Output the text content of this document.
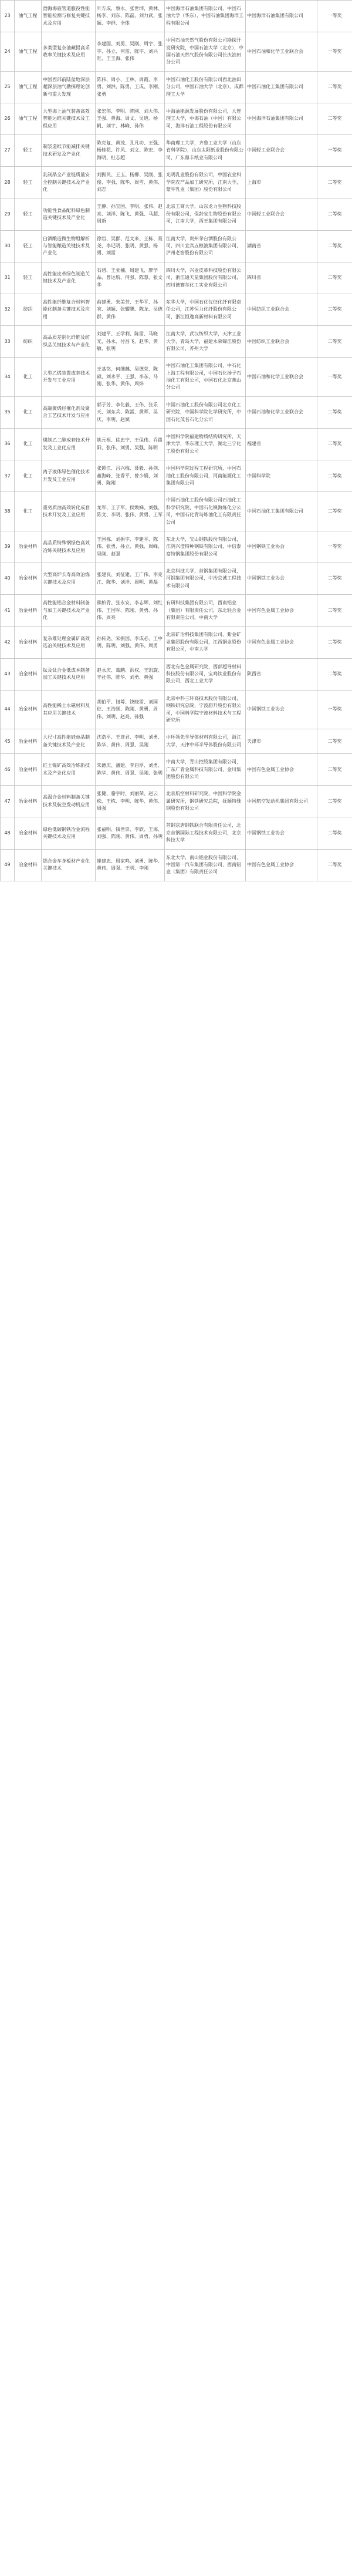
23	油气工程	渤海海底管道服役性能智能检测与修复关键技术及应用	叶万成，蔡永、张世坤，黄林、杨李、刘东、陈磊、刘力武、张颖、李群、全体	中国海洋石油集团有限公司，中国石油大学（华东），中国石油集团海洋工程有限公司	中国海洋石油集团有限公司	一等奖
24	油气工程	多类型复杂油藏提高采收率关键技术及应用	李建国、刘勇、吴刚、周宇、张宇、孙立、何雷、陈宇、刘兴旺、王玉海、张伟	中国石油天然气股份有限公司勘探开发研究院，中国石油大学（北京），中国石油天然气股份有限公司长庆油田分公司	中国石油和化学工业联合会	一等奖
25	油气工程	中国西部前陆盆地深层超深层油气勘探理论创新与重大发现	陈伟、周小、王林、周霞、李勇、刘洪、陈勇、王成、李刚、张勇	中国石油化工股份有限公司西北油田分公司，中国石油大学（北京），成都理工大学	中国石油化工集团有限公司	二等奖
26	油气工程	大型海上油气装备高效智能运维关键技术及工程应用	张宏伟、李明、陈刚、刘大伟、王强、黄海、周文、吴迪、杨帆、刘宇、林峰、孙伟	中海油能源发展股份有限公司，大连理工大学，中海石油（中国）有限公司，海洋石油工程股份有限公司	中国海洋石油集团有限公司	二等奖
27	轻工	制浆造纸节能减排关键技术研发及产业化	陈克复、黄茂、孔凡功、王强、杨桂花、许风、刘文、陈宏、李海明、杜志超	华南理工大学，齐鲁工业大学（山东省科学院），山东太阳纸业股份有限公司，广东鼎丰纸业有限公司	中国轻工业联合会	一等奖
28	轻工	乳制品全产业链质量安全控制关键技术及产业化	刘振民、王玉、杨柳、吴刚、张俊、李强、陈华、周雪、黄伟、刘志	光明乳业股份有限公司，中国农业科学院农产品加工研究所，江南大学，蒙牛乳业（集团）股份有限公司	上海市	二等奖
29	轻工	功能性食品配料绿色制造关键技术及产业化	王静、孙宝国、李明、张伟、赵亮、刘洋、陈飞、黄强、马超、周新	北京工商大学，山东龙力生物科技股份有限公司，保龄宝生物股份有限公司，江南大学，西王集团有限公司	中国轻工业联合会	二等奖
30	轻工	白酒酿造微生物组解析与智能酿造关键技术及产业化	徐岩、吴群、范文来、王栋、聂尧、李记明、张明、黄强、杨勇、刘雷	江南大学，贵州茅台酒股份有限公司，四川宜宾五粮液集团有限公司，泸州老窖股份有限公司	湖南省	二等奖
31	轻工	高性能皮革绿色制造关键技术及产业化	石碧、王亚楠、周建飞、廖学品、曾运航、何强、陈慧、张文华	四川大学，兴业皮革科技股份有限公司，浙江通天星集团股份有限公司，四川德赛尔化工实业有限公司	四川省	二等奖
32	纺织	高性能纤维复合材料智能化制备关键技术及应用	俞建勇、朱美芳、王华平、孙宾、刘颖、张耀鹏、陈龙、吴德群、黄伟	东华大学，中国石化仪征化纤有限责任公司，江苏恒力化纤股份有限公司，浙江恒逸高新材料有限公司	中国纺织工业联合会	二等奖
33	纺织	高品质差别化纤维及纺织品关键技术与产业化	刘建平、王学利、陈雷、马晓光、孙永、付昌飞、赵华、黄敏、张明	江南大学，武汉纺织大学，天津工业大学，青岛大学，福建永荣锦江股份有限公司，苏州大学	中国纺织工业联合会	二等奖
34	化工	大型乙烯装置成套技术开发与工业应用	王基铭、何细藕、吴德荣、陈硕、刘永平、王强、李东、马刚、张华、黄伟、周炜	中国石油化工集团有限公司，中石化上海工程有限公司，中国石化扬子石油化工有限公司，中国石化北京燕山分公司	中国石油和化学工业联合会	一等奖
35	化工	高端聚烯烃催化剂及聚合工艺技术开发与应用	郭子芳、李化毅、王伟、张乐天、刘东兵、陈雷、黄晖、吴庆、李明、赵斌	中国石油化工股份有限公司北京化工研究院，中国科学院化学研究所，中国石化茂名石化分公司	中国石油和化学工业联合会	二等奖
36	化工	煤制乙二醇成套技术开发及工业化应用	姚元根、徐忠宁、王保伟、乔路阳、张伟、刘勇、吴强、陈明	中国科学院福建物质结构研究所，天津大学，华东理工大学，湖北三宁化工股份有限公司	福建省	二等奖
37	化工	离子液体绿色催化技术开发及工业应用	张锁江、吕兴梅、聂毅、孙剑、董海峰、张香平、曾少娟、刘勇、陈刚	中国科学院过程工程研究所，中国石油化工股份有限公司，河南能源化工集团有限公司	中国科学院	二等奖
38	化工	重劣质油高效转化成套技术开发及工业应用	龙军、王子军、侯焕娣、刘强、陈文、李明、张伟、黄勇、王军	中国石油化工股份有限公司石油化工科学研究院，中国石化镇海炼化分公司，中国石化青岛炼油化工有限责任公司	中国石油化工集团有限公司	二等奖
39	冶金材料	高品质特殊钢绿色高效冶炼关键技术及应用	王国栋、刘振宇、李建平、陈伟、张勇、孙立、黄强、周峰、吴刚、赵强	东北大学，宝山钢铁股份有限公司，江阴兴澄特种钢铁有限公司，中信泰富特钢集团股份有限公司	中国钢铁工业协会	一等奖
40	冶金材料	大型高炉长寿高效冶炼关键技术及应用	张建良、刘征建、王广伟、李克江、陈华、刘洋、周明、黄磊	北京科技大学，首钢集团有限公司，河钢集团有限公司，中冶京诚工程技术有限公司	中国钢铁工业协会	二等奖
41	冶金材料	高性能铝合金材料制备与加工关键技术及产业化	熊柏青、张永安、李志辉、刘红伟、王国军、陈刚、黄勇、孙伟、周亮	有研科技集团有限公司，西南铝业（集团）有限责任公司，东北轻合金有限责任公司，中南大学	中国有色金属工业协会	二等奖
42	冶金材料	复杂难处理金属矿高效选冶关键技术及应用	孙传尧、宋振国、李成必、王中明、陈明、刘强、黄伟、周勇	北京矿冶科技集团有限公司，紫金矿业集团股份有限公司，江西铜业股份有限公司，中南大学	中国有色金属工业协会	二等奖
43	冶金材料	钛及钛合金低成本制备加工关键技术及应用	赵永庆、葛鹏、洪权、王凯旋、辛社伟、陈华、刘勇、黄强	西北有色金属研究院，西部超导材料科技股份有限公司，宝鸡钛业股份有限公司，西北工业大学	陕西省	二等奖
44	冶金材料	高性能稀土永磁材料及其应用关键技术	胡伯平、钮萼、饶晓雷、刘国征、王浩颉、陈刚、黄勇、周伟、刘明、赵亮、孙强	北京中科三环高技术股份有限公司，钢铁研究总院，宁波韵升股份有限公司，中国科学院宁波材料技术与工程研究所	中国钢铁工业协会	一等奖
45	冶金材料	大尺寸高性能硅单晶制备关键技术及产业化	沈浩平、王彦君、李明、刘勇、陈华、黄伟、周强、吴刚	中环领先半导体材料有限公司，浙江大学，天津中环半导体股份有限公司	天津市	二等奖
46	冶金材料	红土镍矿高效冶炼新技术及产业化应用	朱德庆、潘建、李启厚、刘勇、陈华、黄伟、周强、吴刚、张明	中南大学，青山控股集团有限公司，广东广青金属科技有限公司，金川集团股份有限公司	中国有色金属工业协会	二等奖
47	冶金材料	高温合金材料制备关键技术及航空发动机应用	张健、骆宇时、刘丽荣、赵云松、王栋、李明、陈华、黄伟、周强	北京航空材料研究院，中国科学院金属研究所，钢铁研究总院，抚顺特殊钢股份有限公司	中国航空发动机集团有限公司	二等奖
48	冶金材料	绿色低碳钢铁冶金流程关键技术及应用	张福明、钱世崇、李欣、王海、刘强、陈刚、黄伟、周勇、孙明	首钢京唐钢铁联合有限责任公司，北京首钢国际工程技术有限公司，北京科技大学	中国钢铁工业协会	二等奖
49	冶金材料	铝合金车身板材产业化关键技术	崔建忠、周家鸣、刘勇、陈华、黄伟、周强、王明、李刚	东北大学，南山铝业股份有限公司，中国第一汽车集团有限公司，西南铝业（集团）有限责任公司	中国有色金属工业协会	二等奖
